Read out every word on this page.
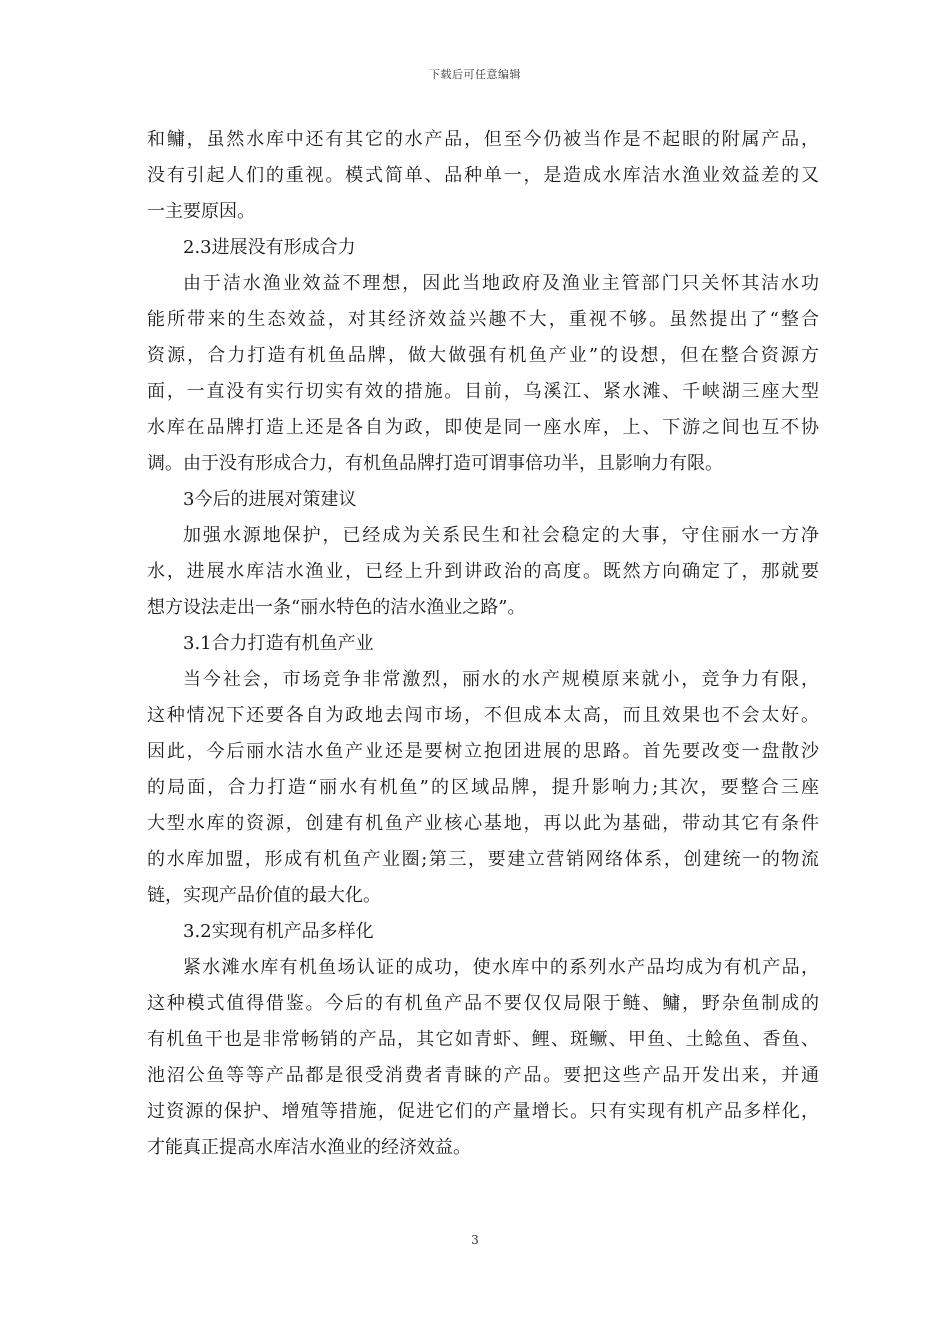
下载后可任意编辑
和鳙，虽然水库中还有其它的水产品，但至今仍被当作是不起眼的附属产品，
没有引起人们的重视。模式简单、品种单一，是造成水库洁水渔业效益差的又
一主要原因。
2.3进展没有形成合力
由于洁水渔业效益不理想，因此当地政府及渔业主管部门只关怀其洁水功
能所带来的生态效益，对其经济效益兴趣不大，重视不够。虽然提出了“整合
资源，合力打造有机鱼品牌，做大做强有机鱼产业”的设想，但在整合资源方
面，一直没有实行切实有效的措施。目前，乌溪江、紧水滩、千峡湖三座大型
水库在品牌打造上还是各自为政，即使是同一座水库，上、下游之间也互不协
调。由于没有形成合力，有机鱼品牌打造可谓事倍功半，且影响力有限。
3今后的进展对策建议
加强水源地保护，已经成为关系民生和社会稳定的大事，守住丽水一方净
水，进展水库洁水渔业，已经上升到讲政治的高度。既然方向确定了，那就要
想方设法走出一条“丽水特色的洁水渔业之路”。
3.1合力打造有机鱼产业
当今社会，市场竞争非常激烈，丽水的水产规模原来就小，竞争力有限，
这种情况下还要各自为政地去闯市场，不但成本太高，而且效果也不会太好。
因此，今后丽水洁水鱼产业还是要树立抱团进展的思路。首先要改变一盘散沙
的局面，合力打造“丽水有机鱼”的区域品牌，提升影响力;其次，要整合三座
大型水库的资源，创建有机鱼产业核心基地，再以此为基础，带动其它有条件
的水库加盟，形成有机鱼产业圈;第三，要建立营销网络体系，创建统一的物流
链，实现产品价值的最大化。
3.2实现有机产品多样化
紧水滩水库有机鱼场认证的成功，使水库中的系列水产品均成为有机产品，
这种模式值得借鉴。今后的有机鱼产品不要仅仅局限于鲢、鳙，野杂鱼制成的
有机鱼干也是非常畅销的产品，其它如青虾、鲤、斑鳜、甲鱼、土鲶鱼、香鱼、
池沼公鱼等等产品都是很受消费者青睐的产品。要把这些产品开发出来，并通
过资源的保护、增殖等措施，促进它们的产量增长。只有实现有机产品多样化，
才能真正提高水库洁水渔业的经济效益。
3
